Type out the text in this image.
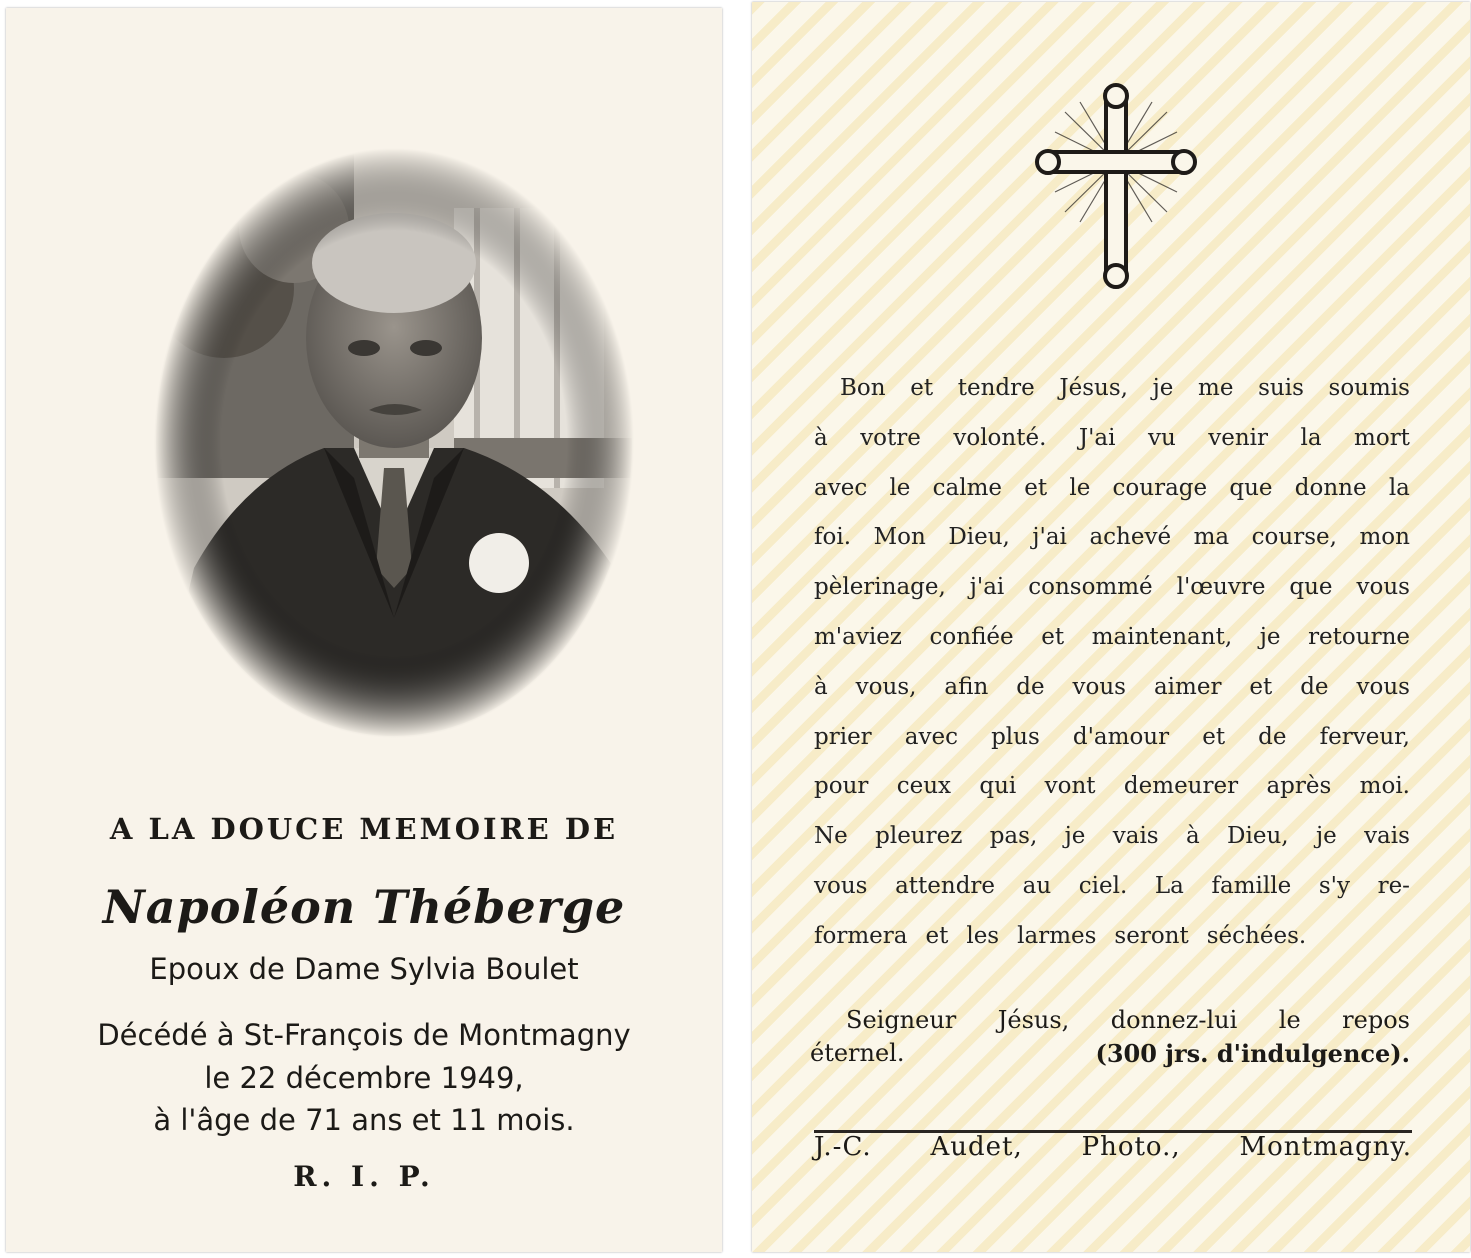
A LA DOUCE MEMOIRE DE
Napoléon Théberge
Epoux de Dame Sylvia Boulet
Décédé à St-François de Montmagny
le 22 décembre 1949,
à l'âge de 71 ans et 11 mois.
R. I. P.
Bon et tendre Jésus, je me suis soumis
à votre volonté. J'ai vu venir la mort
avec le calme et le courage que donne la
foi. Mon Dieu, j'ai achevé ma course, mon
pèlerinage, j'ai consommé l'œuvre que vous
m'aviez confiée et maintenant, je retourne
à vous, afin de vous aimer et de vous
prier avec plus d'amour et de ferveur,
pour ceux qui vont demeurer après moi.
Ne pleurez pas, je vais à Dieu, je vais
vous attendre au ciel. La famille s'y re-
formera et les larmes seront séchées.
Seigneur Jésus, donnez-lui le repos
éternel.	(300 jrs. d'indulgence).
J.-C. Audet, Photo., Montmagny.
